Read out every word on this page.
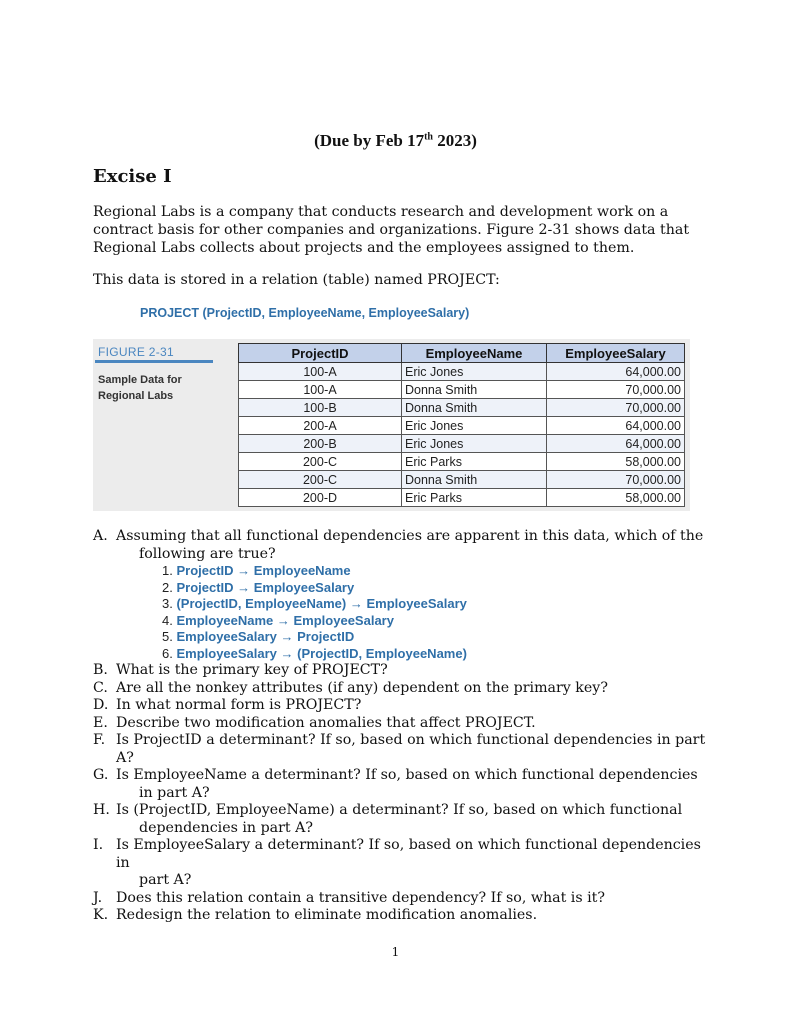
(Due by Feb 17th 2023)
Excise I
Regional Labs is a company that conducts research and development work on a contract basis for other companies and organizations. Figure 2-31 shows data that Regional Labs collects about projects and the employees assigned to them.
This data is stored in a relation (table) named PROJECT:
PROJECT (ProjectID, EmployeeName, EmployeeSalary)
FIGURE 2-31
Sample Data for Regional Labs
ProjectID	EmployeeName	EmployeeSalary
100-A	Eric Jones	64,000.00
100-A	Donna Smith	70,000.00
100-B	Donna Smith	70,000.00
200-A	Eric Jones	64,000.00
200-B	Eric Jones	64,000.00
200-C	Eric Parks	58,000.00
200-C	Donna Smith	70,000.00
200-D	Eric Parks	58,000.00
A. Assuming that all functional dependencies are apparent in this data, which of the
following are true?
1. ProjectID → EmployeeName
2. ProjectID → EmployeeSalary
3. (ProjectID, EmployeeName) → EmployeeSalary
4. EmployeeName → EmployeeSalary
5. EmployeeSalary → ProjectID
6. EmployeeSalary → (ProjectID, EmployeeName)
B. What is the primary key of PROJECT?
C. Are all the nonkey attributes (if any) dependent on the primary key?
D. In what normal form is PROJECT?
E. Describe two modification anomalies that affect PROJECT.
F. Is ProjectID a determinant? If so, based on which functional dependencies in part A?
G. Is EmployeeName a determinant? If so, based on which functional dependencies
in part A?
H. Is (ProjectID, EmployeeName) a determinant? If so, based on which functional
dependencies in part A?
I. Is EmployeeSalary a determinant? If so, based on which functional dependencies in
part A?
J. Does this relation contain a transitive dependency? If so, what is it?
K. Redesign the relation to eliminate modification anomalies.
1
